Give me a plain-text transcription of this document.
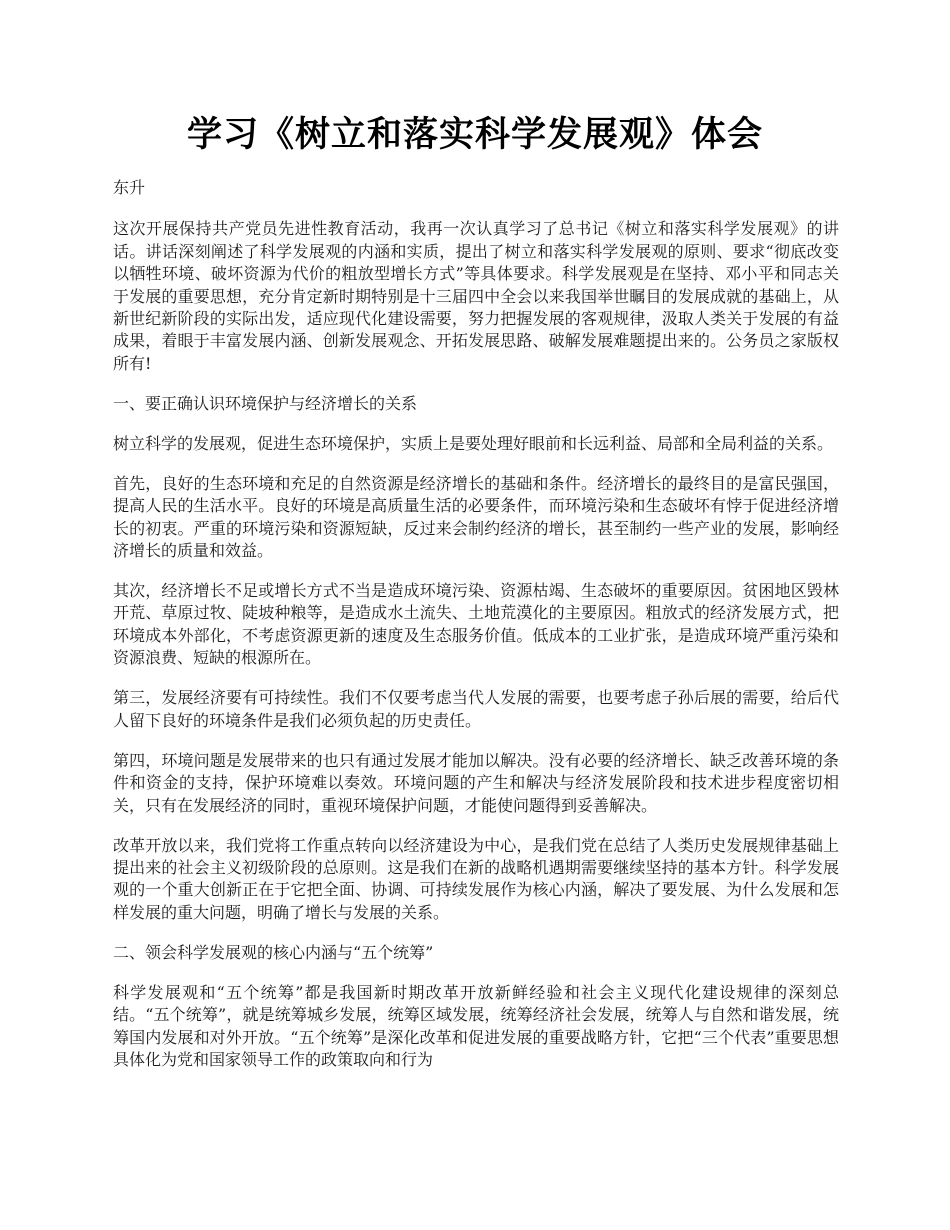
学习《树立和落实科学发展观》体会

东升

这次开展保持共产党员先进性教育活动，我再一次认真学习了总书记《树立和落实科学发展观》的讲话。讲话深刻阐述了科学发展观的内涵和实质，提出了树立和落实科学发展观的原则、要求“彻底改变以牺牲环境、破坏资源为代价的粗放型增长方式”等具体要求。科学发展观是在坚持、邓小平和同志关于发展的重要思想，充分肯定新时期特别是十三届四中全会以来我国举世瞩目的发展成就的基础上，从新世纪新阶段的实际出发，适应现代化建设需要，努力把握发展的客观规律，汲取人类关于发展的有益成果，着眼于丰富发展内涵、创新发展观念、开拓发展思路、破解发展难题提出来的。公务员之家版权所有!

一、要正确认识环境保护与经济增长的关系

树立科学的发展观，促进生态环境保护，实质上是要处理好眼前和长远利益、局部和全局利益的关系。

首先，良好的生态环境和充足的自然资源是经济增长的基础和条件。经济增长的最终目的是富民强国，提高人民的生活水平。良好的环境是高质量生活的必要条件，而环境污染和生态破坏有悖于促进经济增长的初衷。严重的环境污染和资源短缺，反过来会制约经济的增长，甚至制约一些产业的发展，影响经济增长的质量和效益。

其次，经济增长不足或增长方式不当是造成环境污染、资源枯竭、生态破坏的重要原因。贫困地区毁林开荒、草原过牧、陡坡种粮等，是造成水土流失、土地荒漠化的主要原因。粗放式的经济发展方式，把环境成本外部化，不考虑资源更新的速度及生态服务价值。低成本的工业扩张，是造成环境严重污染和资源浪费、短缺的根源所在。

第三，发展经济要有可持续性。我们不仅要考虑当代人发展的需要，也要考虑子孙后展的需要，给后代人留下良好的环境条件是我们必须负起的历史责任。

第四，环境问题是发展带来的也只有通过发展才能加以解决。没有必要的经济增长、缺乏改善环境的条件和资金的支持，保护环境难以奏效。环境问题的产生和解决与经济发展阶段和技术进步程度密切相关，只有在发展经济的同时，重视环境保护问题，才能使问题得到妥善解决。

改革开放以来，我们党将工作重点转向以经济建设为中心，是我们党在总结了人类历史发展规律基础上提出来的社会主义初级阶段的总原则。这是我们在新的战略机遇期需要继续坚持的基本方针。科学发展观的一个重大创新正在于它把全面、协调、可持续发展作为核心内涵，解决了要发展、为什么发展和怎样发展的重大问题，明确了增长与发展的关系。

二、领会科学发展观的核心内涵与“五个统筹”

科学发展观和“五个统筹”都是我国新时期改革开放新鲜经验和社会主义现代化建设规律的深刻总结。“五个统筹”，就是统筹城乡发展，统筹区域发展，统筹经济社会发展，统筹人与自然和谐发展，统筹国内发展和对外开放。“五个统筹”是深化改革和促进发展的重要战略方针，它把“三个代表”重要思想具体化为党和国家领导工作的政策取向和行为
